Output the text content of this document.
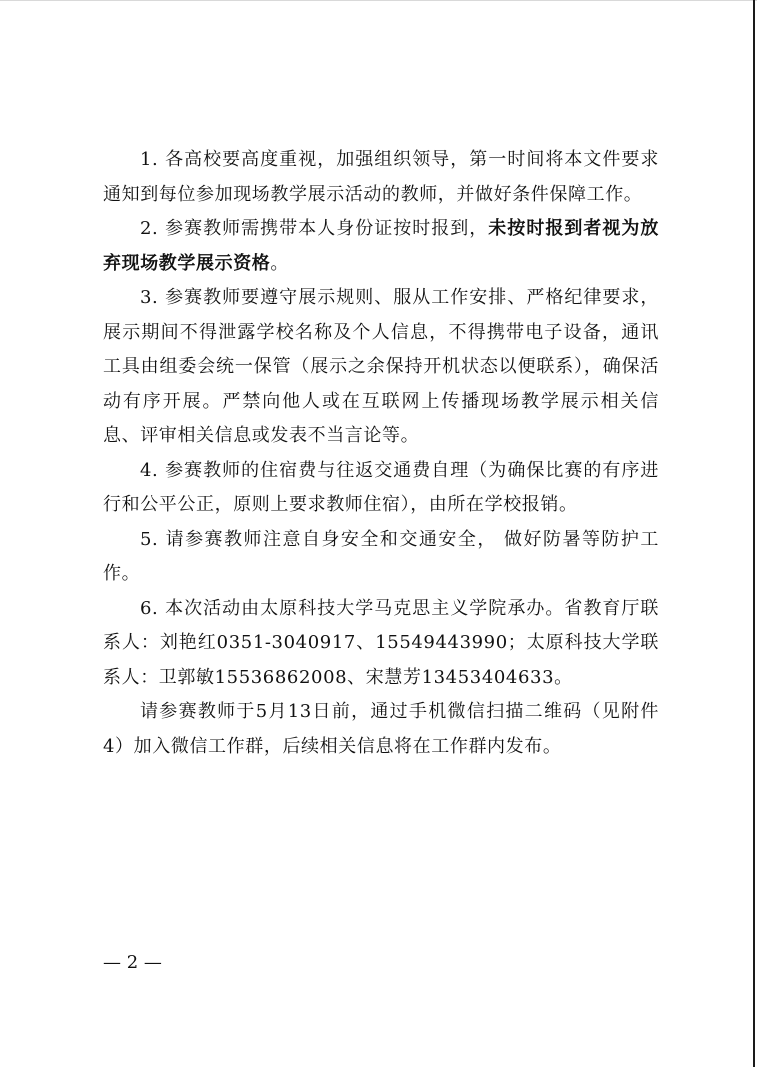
1. 各高校要高度重视，加强组织领导，第一时间将本文件要求通知到每位参加现场教学展示活动的教师，并做好条件保障工作。

2. 参赛教师需携带本人身份证按时报到，未按时报到者视为放弃现场教学展示资格。

3. 参赛教师要遵守展示规则、服从工作安排、严格纪律要求，展示期间不得泄露学校名称及个人信息，不得携带电子设备，通讯工具由组委会统一保管（展示之余保持开机状态以便联系），确保活动有序开展。严禁向他人或在互联网上传播现场教学展示相关信息、评审相关信息或发表不当言论等。

4. 参赛教师的住宿费与往返交通费自理（为确保比赛的有序进行和公平公正，原则上要求教师住宿），由所在学校报销。

5. 请参赛教师注意自身安全和交通安全， 做好防暑等防护工作。

6. 本次活动由太原科技大学马克思主义学院承办。省教育厅联系人：刘艳红0351-3040917、15549443990；太原科技大学联系人：卫郭敏15536862008、宋慧芳13453404633。

请参赛教师于5月13日前，通过手机微信扫描二维码（见附件4）加入微信工作群，后续相关信息将在工作群内发布。

— 2 —
